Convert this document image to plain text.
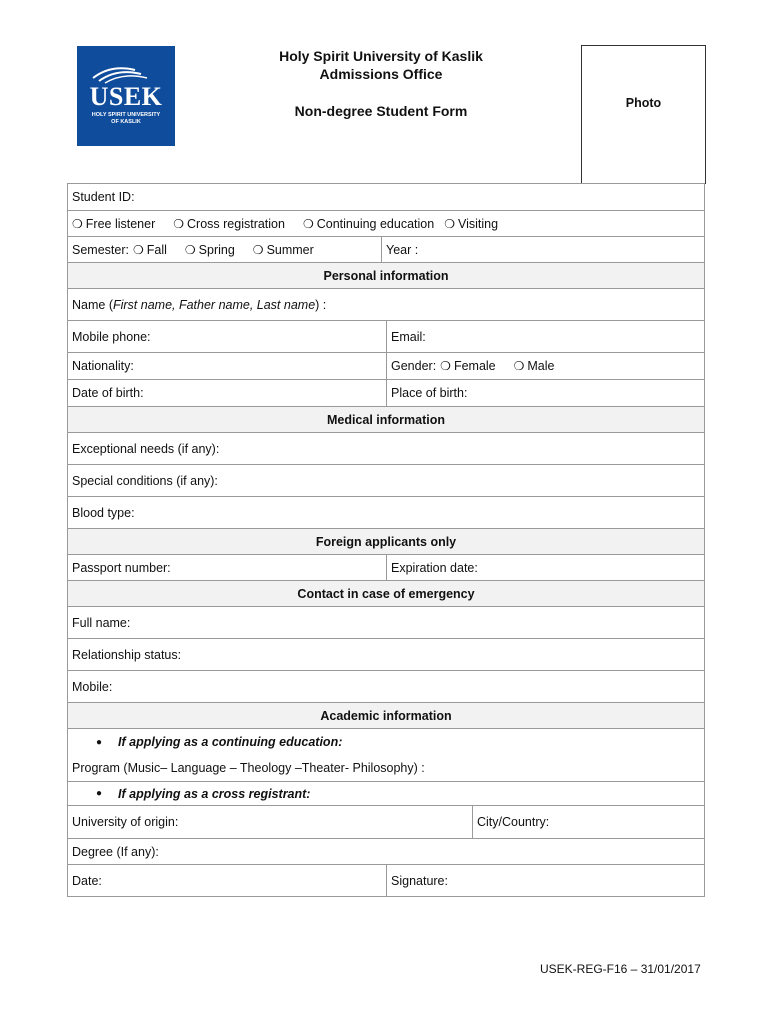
USEK
HOLY SPIRIT UNIVERSITY
OF KASLIK
Holy Spirit University of Kaslik
Admissions Office
Non-degree Student Form	Photo
Student ID:
❍ Free listener ❍ Cross registration ❍ Continuing education ❍ Visiting
Semester: ❍ Fall ❍ Spring ❍ Summer	Year :
Personal information
Name ( First name, Father name, Last name ) :
Mobile phone:	Email:
Nationality:	Gender: ❍ Female ❍ Male
Date of birth:	Place of birth:
Medical information
Exceptional needs (if any):
Special conditions (if any):
Blood type:
Foreign applicants only
Passport number:	Expiration date:
Contact in case of emergency
Full name:
Relationship status:
Mobile:
Academic information
● If applying as a continuing education:
Program (Music– Language – Theology –Theater- Philosophy) :
● If applying as a cross registrant:
University of origin:	City/Country:
Degree (If any):
Date:	Signature:
USEK-REG-F16 – 31/01/2017
